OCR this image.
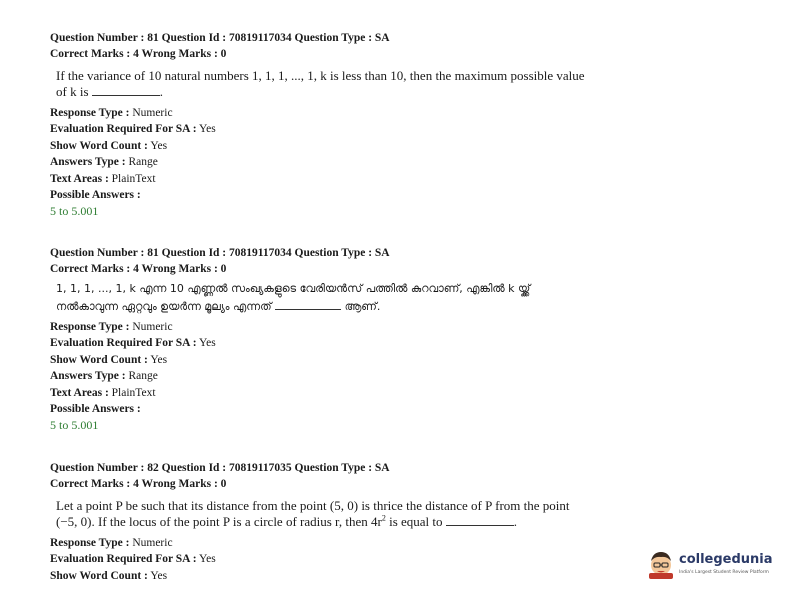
Question Number : 81 Question Id : 70819117034 Question Type : SA
Correct Marks : 4 Wrong Marks : 0
If the variance of 10 natural numbers 1, 1, 1, ..., 1, k is less than 10, then the maximum possible value of k is	.
Response Type : Numeric
Evaluation Required For SA : Yes
Show Word Count : Yes
Answers Type : Range
Text Areas : PlainText
Possible Answers :
5 to 5.001
Question Number : 81 Question Id : 70819117034 Question Type : SA
Correct Marks : 4 Wrong Marks : 0
1, 1, 1, ..., 1, k എന്ന 10 എണ്ണൽ സംഖ്യകളുടെ വേരിയൻസ് പത്തിൽ കുറവാണ്, എങ്കിൽ k യ്ക്ക് നൽകാവുന്ന ഏറ്റവും ഉയർന്ന മൂല്യം എന്നത്	ആണ്.
Response Type : Numeric
Evaluation Required For SA : Yes
Show Word Count : Yes
Answers Type : Range
Text Areas : PlainText
Possible Answers :
5 to 5.001
Question Number : 82 Question Id : 70819117035 Question Type : SA
Correct Marks : 4 Wrong Marks : 0
Let a point P be such that its distance from the point (5, 0) is thrice the distance of P from the point (−5, 0). If the locus of the point P is a circle of radius r, then $4r^2$ is equal to	.
Response Type : Numeric
Evaluation Required For SA : Yes
Show Word Count : Yes
collegedunia
India's Largest Student Review Platform
